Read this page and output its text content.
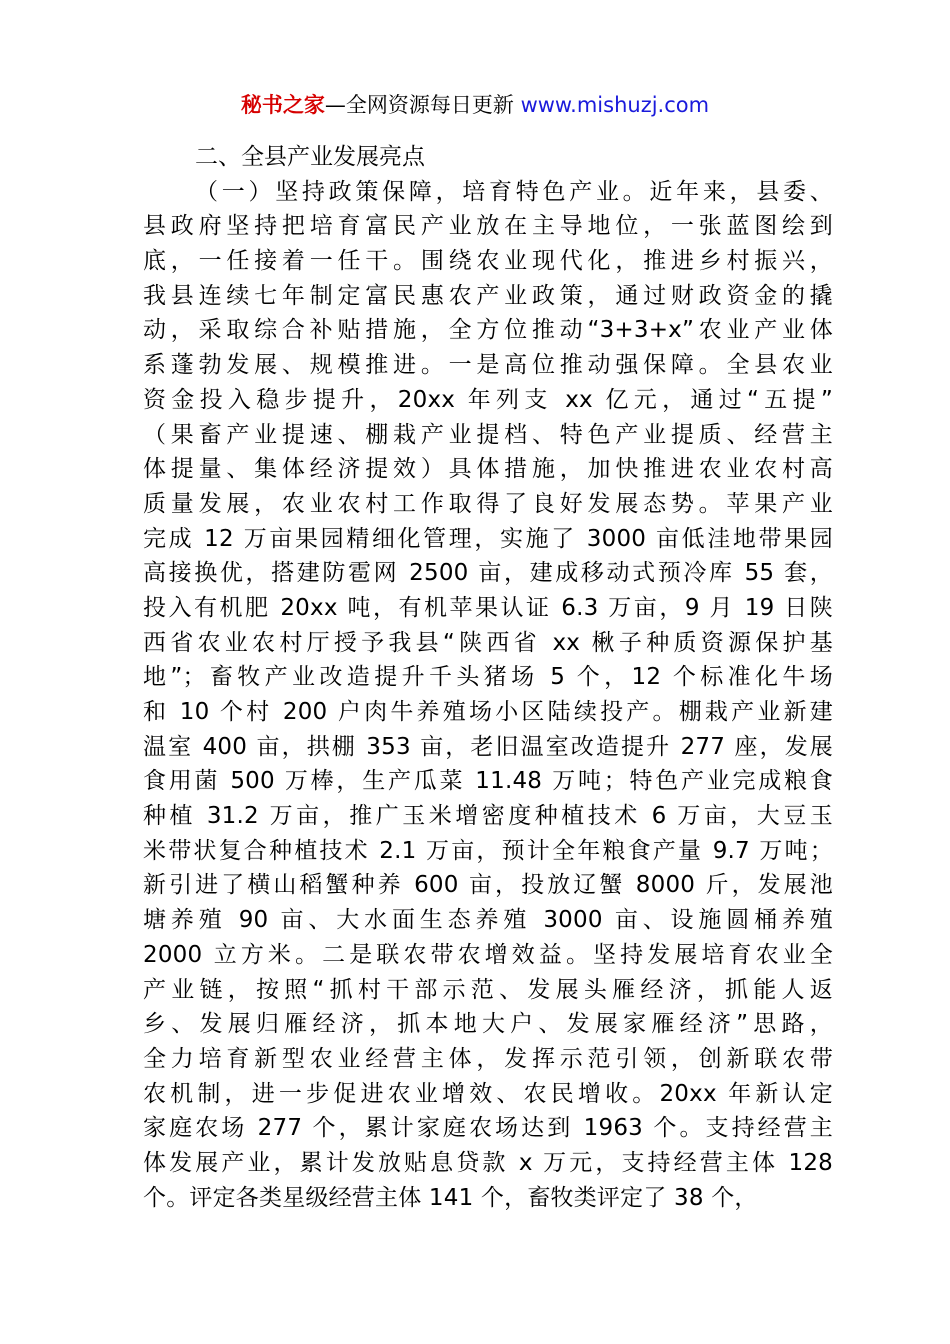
秘书之家—全网资源每日更新 www.mishuzj.com

二、全县产业发展亮点

（一）坚持政策保障，培育特色产业。近年来，县委、

县政府坚持把培育富民产业放在主导地位，一张蓝图绘到

底，一任接着一任干。围绕农业现代化，推进乡村振兴，

我县连续七年制定富民惠农产业政策，通过财政资金的撬

动，采取综合补贴措施，全方位推动“3+3+x”农业产业体

系蓬勃发展、规模推进。一是高位推动强保障。全县农业

资金投入稳步提升，20xx 年列支 xx 亿元，通过“五提”

（果畜产业提速、棚栽产业提档、特色产业提质、经营主

体提量、集体经济提效）具体措施，加快推进农业农村高

质量发展，农业农村工作取得了良好发展态势。苹果产业

完成 12 万亩果园精细化管理，实施了 3000 亩低洼地带果园

高接换优，搭建防雹网 2500 亩，建成移动式预冷库 55 套，

投入有机肥 20xx 吨，有机苹果认证 6.3 万亩，9 月 19 日陕

西省农业农村厅授予我县“陕西省 xx 楸子种质资源保护基

地”；畜牧产业改造提升千头猪场 5 个，12 个标准化牛场

和 10 个村 200 户肉牛养殖场小区陆续投产。棚栽产业新建

温室 400 亩，拱棚 353 亩，老旧温室改造提升 277 座，发展

食用菌 500 万棒，生产瓜菜 11.48 万吨；特色产业完成粮食

种植 31.2 万亩，推广玉米增密度种植技术 6 万亩，大豆玉

米带状复合种植技术 2.1 万亩，预计全年粮食产量 9.7 万吨；

新引进了横山稻蟹种养 600 亩，投放辽蟹 8000 斤，发展池

塘养殖 90 亩、大水面生态养殖 3000 亩、设施圆桶养殖

2000 立方米。二是联农带农增效益。坚持发展培育农业全

产业链，按照“抓村干部示范、发展头雁经济，抓能人返

乡、发展归雁经济，抓本地大户、发展家雁经济”思路，

全力培育新型农业经营主体，发挥示范引领，创新联农带

农机制，进一步促进农业增效、农民增收。20xx 年新认定

家庭农场 277 个，累计家庭农场达到 1963 个。支持经营主

体发展产业，累计发放贴息贷款 x 万元，支持经营主体 128

个。评定各类星级经营主体 141 个，畜牧类评定了 38 个，
